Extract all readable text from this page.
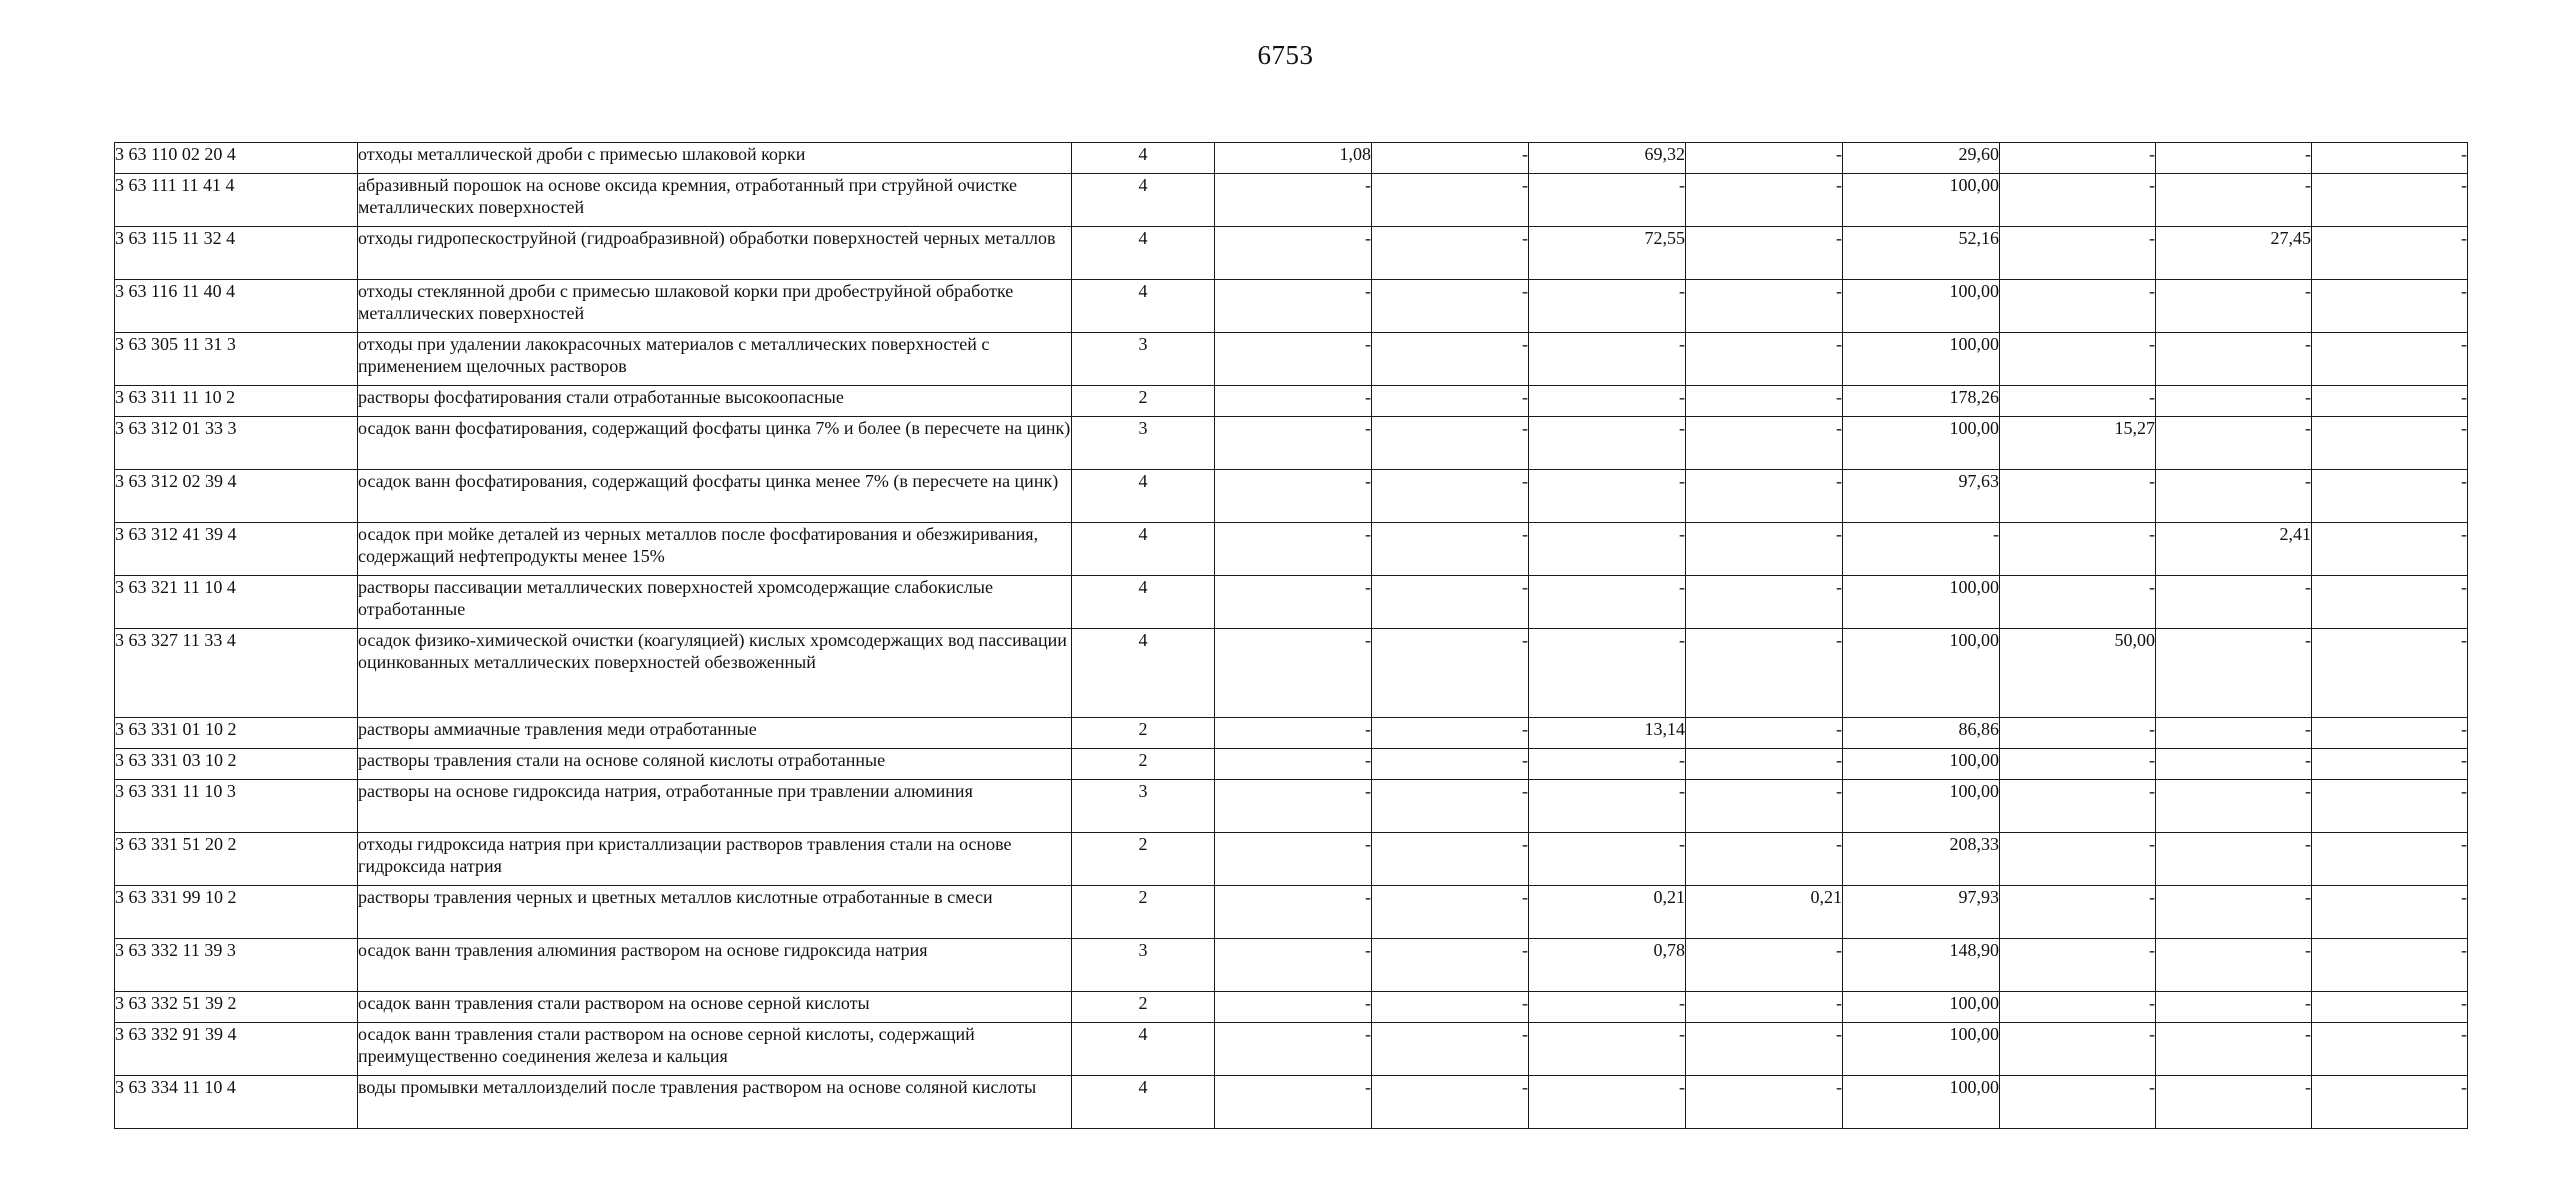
6753
3 63 110 02 20 4	отходы металлической дроби с примесью шлаковой корки	4	1,08	-	69,32	-	29,60	-	-	-
3 63 111 11 41 4	абразивный порошок на основе оксида кремния, отработанный при струйной очистке металлических поверхностей	4	-	-	-	-	100,00	-	-	-
3 63 115 11 32 4	отходы гидропескоструйной (гидроабразивной) обработки поверхностей черных металлов	4	-	-	72,55	-	52,16	-	27,45	-
3 63 116 11 40 4	отходы стеклянной дроби с примесью шлаковой корки при дробеструйной обработке металлических поверхностей	4	-	-	-	-	100,00	-	-	-
3 63 305 11 31 3	отходы при удалении лакокрасочных материалов с металлических поверхностей с применением щелочных растворов	3	-	-	-	-	100,00	-	-	-
3 63 311 11 10 2	растворы фосфатирования стали отработанные высокоопасные	2	-	-	-	-	178,26	-	-	-
3 63 312 01 33 3	осадок ванн фосфатирования, содержащий фосфаты цинка 7% и более (в пересчете на цинк)	3	-	-	-	-	100,00	15,27	-	-
3 63 312 02 39 4	осадок ванн фосфатирования, содержащий фосфаты цинка менее 7% (в пересчете на цинк)	4	-	-	-	-	97,63	-	-	-
3 63 312 41 39 4	осадок при мойке деталей из черных металлов после фосфатирования и обезжиривания, содержащий нефтепродукты менее 15%	4	-	-	-	-	-	-	2,41	-
3 63 321 11 10 4	растворы пассивации металлических поверхностей хромсодержащие слабокислые отработанные	4	-	-	-	-	100,00	-	-	-
3 63 327 11 33 4	осадок физико-химической очистки (коагуляцией) кислых хромсодержащих вод пассивации оцинкованных металлических поверхностей обезвоженный	4	-	-	-	-	100,00	50,00	-	-
3 63 331 01 10 2	растворы аммиачные травления меди отработанные	2	-	-	13,14	-	86,86	-	-	-
3 63 331 03 10 2	растворы травления стали на основе соляной кислоты отработанные	2	-	-	-	-	100,00	-	-	-
3 63 331 11 10 3	растворы на основе гидроксида натрия, отработанные при травлении алюминия	3	-	-	-	-	100,00	-	-	-
3 63 331 51 20 2	отходы гидроксида натрия при кристаллизации растворов травления стали на основе гидроксида натрия	2	-	-	-	-	208,33	-	-	-
3 63 331 99 10 2	растворы травления черных и цветных металлов кислотные отработанные в смеси	2	-	-	0,21	0,21	97,93	-	-	-
3 63 332 11 39 3	осадок ванн травления алюминия раствором на основе гидроксида натрия	3	-	-	0,78	-	148,90	-	-	-
3 63 332 51 39 2	осадок ванн травления стали раствором на основе серной кислоты	2	-	-	-	-	100,00	-	-	-
3 63 332 91 39 4	осадок ванн травления стали раствором на основе серной кислоты, содержащий преимущественно соединения железа и кальция	4	-	-	-	-	100,00	-	-	-
3 63 334 11 10 4	воды промывки металлоизделий после травления раствором на основе соляной кислоты	4	-	-	-	-	100,00	-	-	-
